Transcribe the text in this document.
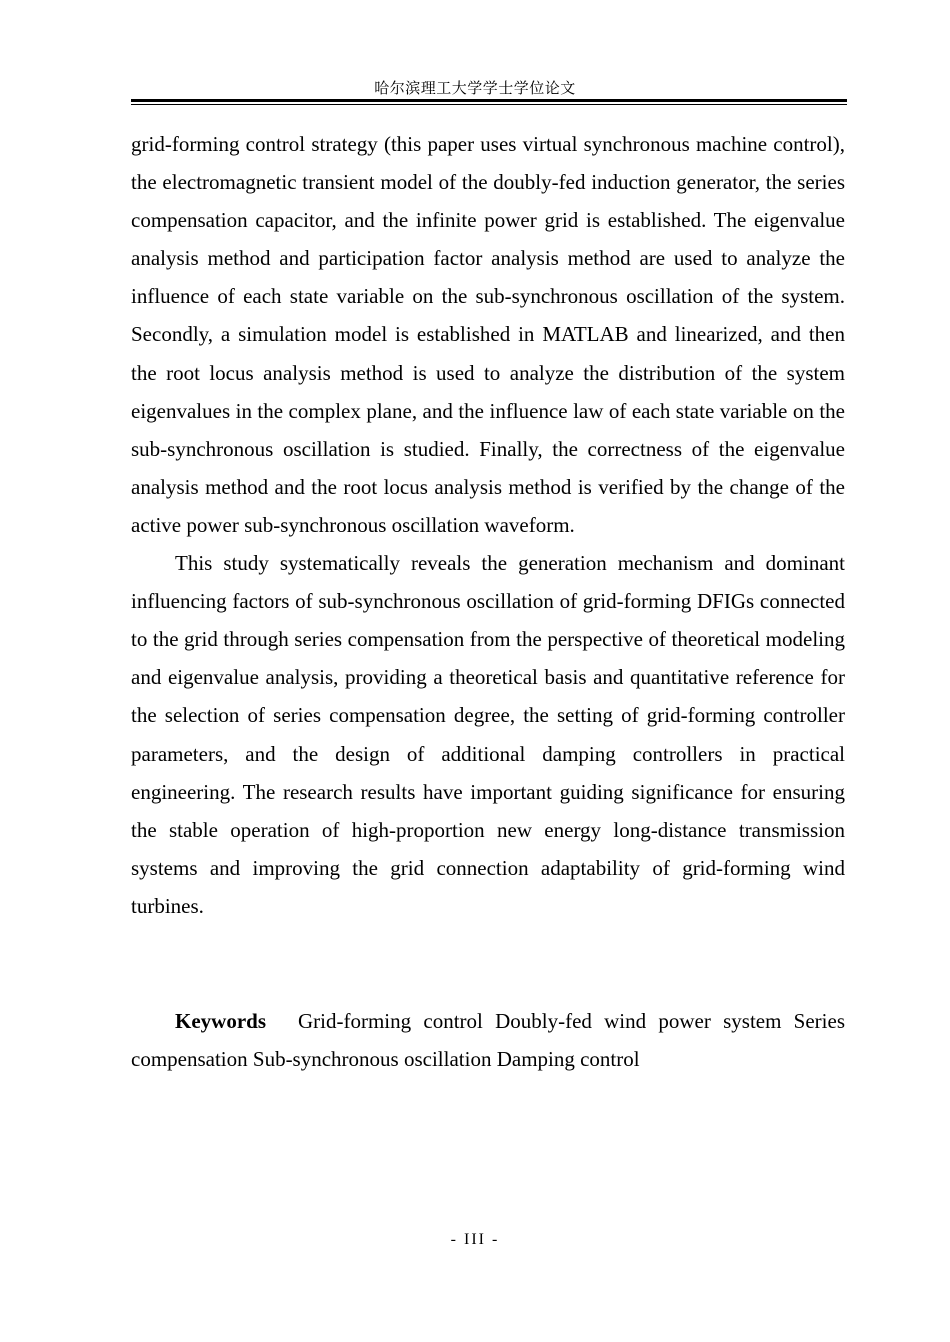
哈尔滨理工大学学士学位论文

grid-forming control strategy (this paper uses virtual synchronous machine control), the electromagnetic transient model of the doubly-fed induction generator, the series compensation capacitor, and the infinite power grid is established. The eigenvalue analysis method and participation factor analysis method are used to analyze the influence of each state variable on the sub-synchronous oscillation of the system. Secondly, a simulation model is established in MATLAB and linearized, and then the root locus analysis method is used to analyze the distribution of the system eigenvalues in the complex plane, and the influence law of each state variable on the sub-synchronous oscillation is studied. Finally, the correctness of the eigenvalue analysis method and the root locus analysis method is verified by the change of the active power sub-synchronous oscillation waveform.

This study systematically reveals the generation mechanism and dominant influencing factors of sub-synchronous oscillation of grid-forming DFIGs connected to the grid through series compensation from the perspective of theoretical modeling and eigenvalue analysis, providing a theoretical basis and quantitative reference for the selection of series compensation degree, the setting of grid-forming controller parameters, and the design of additional damping controllers in practical engineering. The research results have important guiding significance for ensuring the stable operation of high-proportion new energy long-distance transmission systems and improving the grid connection adaptability of grid-forming wind turbines.

Keywords Grid-forming control Doubly-fed wind power system Series compensation Sub-synchronous oscillation Damping control
- III -
